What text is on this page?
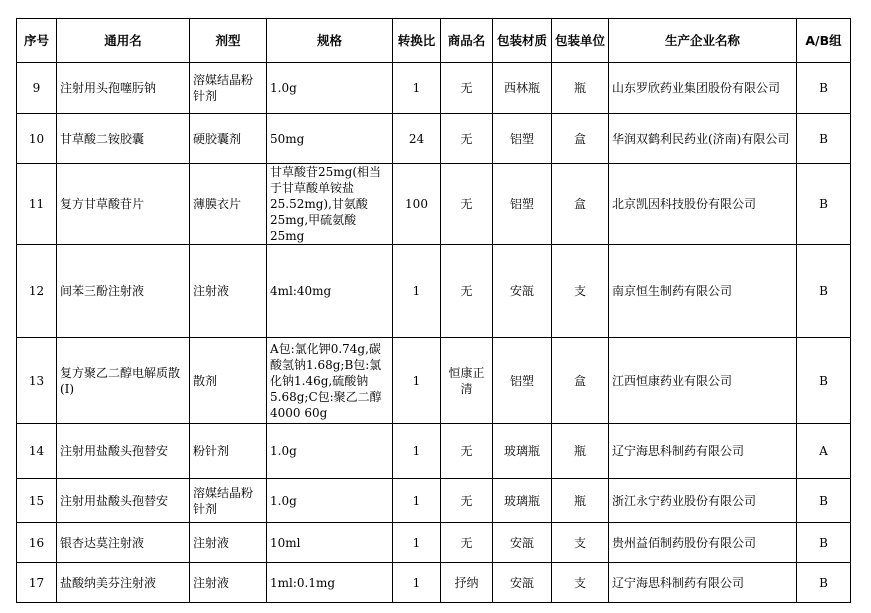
序号	通用名	剂型	规格	转换比	商品名	包装材质	包装单位	生产企业名称	A/B组
9	注射用头孢噻肟钠	溶媒结晶粉针剂	1.0g	1	无	西林瓶	瓶	山东罗欣药业集团股份有限公司	B
10	甘草酸二铵胶囊	硬胶囊剂	50mg	24	无	铝塑	盒	华润双鹤利民药业(济南)有限公司	B
11	复方甘草酸苷片	薄膜衣片	甘草酸苷25mg(相当于甘草酸单铵盐25.52mg),甘氨酸25mg,甲硫氨酸25mg	100	无	铝塑	盒	北京凯因科技股份有限公司	B
12	间苯三酚注射液	注射液	4ml:40mg	1	无	安瓿	支	南京恒生制药有限公司	B
13	复方聚乙二醇电解质散(Ⅰ)	散剂	A包:氯化钾0.74g,碳酸氢钠1.68g;B包:氯化钠1.46g,硫酸钠5.68g;C包:聚乙二醇4000 60g	1	恒康正清	铝塑	盒	江西恒康药业有限公司	B
14	注射用盐酸头孢替安	粉针剂	1.0g	1	无	玻璃瓶	瓶	辽宁海思科制药有限公司	A
15	注射用盐酸头孢替安	溶媒结晶粉针剂	1.0g	1	无	玻璃瓶	瓶	浙江永宁药业股份有限公司	B
16	银杏达莫注射液	注射液	10ml	1	无	安瓿	支	贵州益佰制药股份有限公司	B
17	盐酸纳美芬注射液	注射液	1ml:0.1mg	1	抒纳	安瓿	支	辽宁海思科制药有限公司	B
